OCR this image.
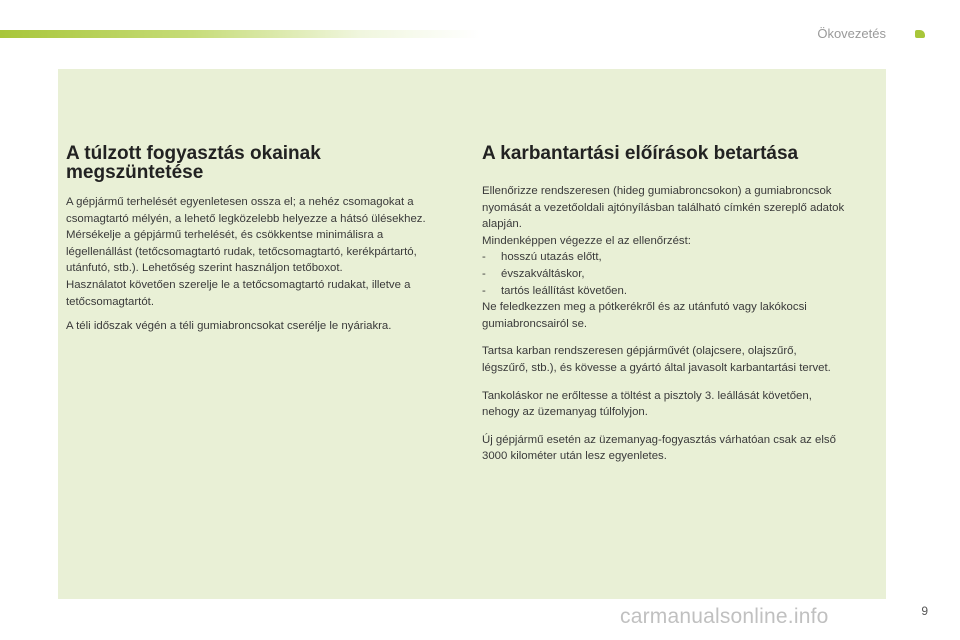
Ökovezetés
A túlzott fogyasztás okainak
megszüntetése

A gépjármű terhelését egyenletesen ossza el; a nehéz csomagokat a
csomagtartó mélyén, a lehető legközelebb helyezze a hátsó ülésekhez.
Mérsékelje a gépjármű terhelését, és csökkentse minimálisra a
légellenállást (tetőcsomagtartó rudak, tetőcsomagtartó, kerékpártartó,
utánfutó, stb.). Lehetőség szerint használjon tetőboxot.
Használatot követően szerelje le a tetőcsomagtartó rudakat, illetve a
tetőcsomagtartót.

A téli időszak végén a téli gumiabroncsokat cserélje le nyáriakra.

A karbantartási előírások betartása

Ellenőrizze rendszeresen (hideg gumiabroncsokon) a gumiabroncsok
nyomását a vezetőoldali ajtónyílásban található címkén szereplő adatok
alapján.
Mindenképpen végezze el az ellenőrzést:

- hosszú utazás előtt,
- évszakváltáskor,
- tartós leállítást követően.

Ne feledkezzen meg a pótkerékről és az utánfutó vagy lakókocsi
gumiabroncsairól se.

Tartsa karban rendszeresen gépjárművét (olajcsere, olajszűrő,
légszűrő, stb.), és kövesse a gyártó által javasolt karbantartási tervet.

Tankoláskor ne erőltesse a töltést a pisztoly 3. leállását követően,
nehogy az üzemanyag túlfolyjon.

Új gépjármű esetén az üzemanyag-fogyasztás várhatóan csak az első
3000 kilométer után lesz egyenletes.

9
carmanualsonline.info
